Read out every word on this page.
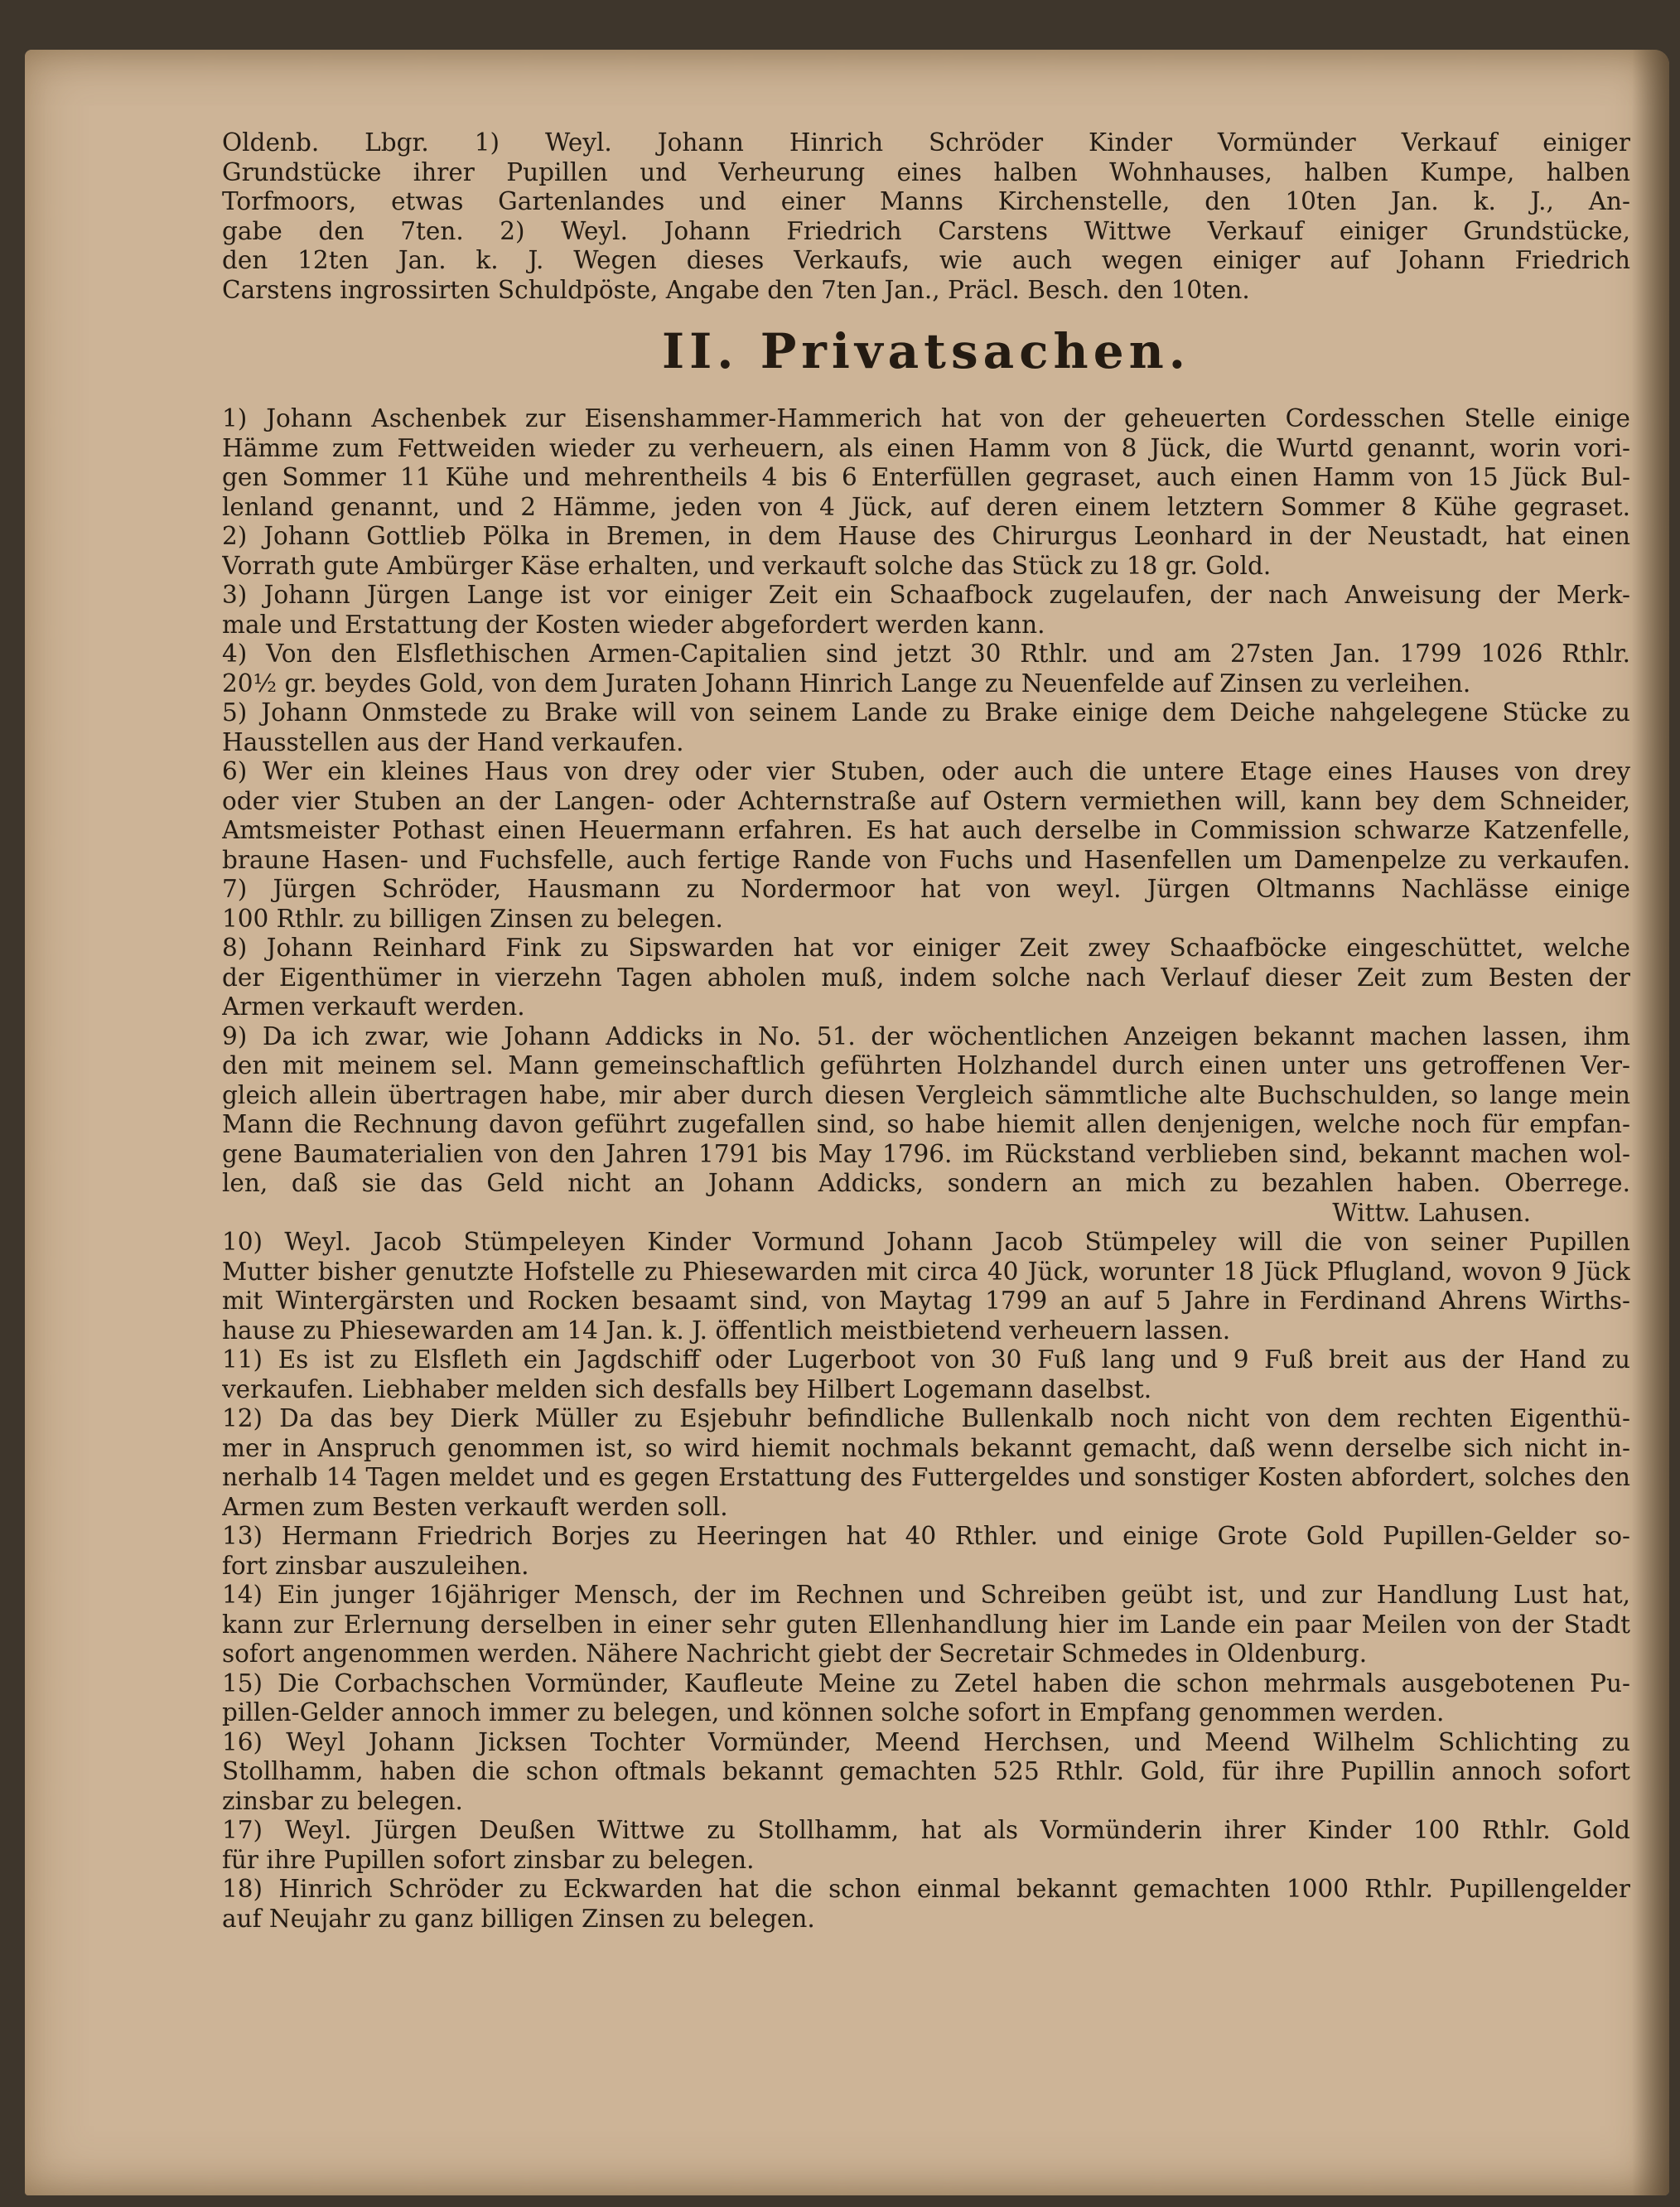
Oldenb. Lbgr. 1) Weyl. Johann Hinrich Schröder Kinder Vormünder Verkauf einiger
Grundstücke ihrer Pupillen und Verheurung eines halben Wohnhauses, halben Kumpe, halben
Torfmoors, etwas Gartenlandes und einer Manns Kirchenstelle, den 10ten Jan. k. J., An-
gabe den 7ten. 2) Weyl. Johann Friedrich Carstens Wittwe Verkauf einiger Grundstücke,
den 12ten Jan. k. J. Wegen dieses Verkaufs, wie auch wegen einiger auf Johann Friedrich
Carstens ingrossirten Schuldpöste, Angabe den 7ten Jan., Präcl. Besch. den 10ten.
II. Privatsachen.
1) Johann Aschenbek zur Eisenshammer-Hammerich hat von der geheuerten Cordesschen Stelle einige
Hämme zum Fettweiden wieder zu verheuern, als einen Hamm von 8 Jück, die Wurtd genannt, worin vori-
gen Sommer 11 Kühe und mehrentheils 4 bis 6 Enterfüllen gegraset, auch einen Hamm von 15 Jück Bul-
lenland genannt, und 2 Hämme, jeden von 4 Jück, auf deren einem letztern Sommer 8 Kühe gegraset.
2) Johann Gottlieb Pölka in Bremen, in dem Hause des Chirurgus Leonhard in der Neustadt, hat einen
Vorrath gute Ambürger Käse erhalten, und verkauft solche das Stück zu 18 gr. Gold.
3) Johann Jürgen Lange ist vor einiger Zeit ein Schaafbock zugelaufen, der nach Anweisung der Merk-
male und Erstattung der Kosten wieder abgefordert werden kann.
4) Von den Elsflethischen Armen-Capitalien sind jetzt 30 Rthlr. und am 27sten Jan. 1799 1026 Rthlr.
20½ gr. beydes Gold, von dem Juraten Johann Hinrich Lange zu Neuenfelde auf Zinsen zu verleihen.
5) Johann Onmstede zu Brake will von seinem Lande zu Brake einige dem Deiche nahgelegene Stücke zu
Hausstellen aus der Hand verkaufen.
6) Wer ein kleines Haus von drey oder vier Stuben, oder auch die untere Etage eines Hauses von drey
oder vier Stuben an der Langen- oder Achternstraße auf Ostern vermiethen will, kann bey dem Schneider,
Amtsmeister Pothast einen Heuermann erfahren. Es hat auch derselbe in Commission schwarze Katzenfelle,
braune Hasen- und Fuchsfelle, auch fertige Rande von Fuchs und Hasenfellen um Damenpelze zu verkaufen.
7) Jürgen Schröder, Hausmann zu Nordermoor hat von weyl. Jürgen Oltmanns Nachlässe einige
100 Rthlr. zu billigen Zinsen zu belegen.
8) Johann Reinhard Fink zu Sipswarden hat vor einiger Zeit zwey Schaafböcke eingeschüttet, welche
der Eigenthümer in vierzehn Tagen abholen muß, indem solche nach Verlauf dieser Zeit zum Besten der
Armen verkauft werden.
9) Da ich zwar, wie Johann Addicks in No. 51. der wöchentlichen Anzeigen bekannt machen lassen, ihm
den mit meinem sel. Mann gemeinschaftlich geführten Holzhandel durch einen unter uns getroffenen Ver-
gleich allein übertragen habe, mir aber durch diesen Vergleich sämmtliche alte Buchschulden, so lange mein
Mann die Rechnung davon geführt zugefallen sind, so habe hiemit allen denjenigen, welche noch für empfan-
gene Baumaterialien von den Jahren 1791 bis May 1796. im Rückstand verblieben sind, bekannt machen wol-
len, daß sie das Geld nicht an Johann Addicks, sondern an mich zu bezahlen haben. Oberrege.
Wittw. Lahusen.
10) Weyl. Jacob Stümpeleyen Kinder Vormund Johann Jacob Stümpeley will die von seiner Pupillen
Mutter bisher genutzte Hofstelle zu Phiesewarden mit circa 40 Jück, worunter 18 Jück Pflugland, wovon 9 Jück
mit Wintergärsten und Rocken besaamt sind, von Maytag 1799 an auf 5 Jahre in Ferdinand Ahrens Wirths-
hause zu Phiesewarden am 14 Jan. k. J. öffentlich meistbietend verheuern lassen.
11) Es ist zu Elsfleth ein Jagdschiff oder Lugerboot von 30 Fuß lang und 9 Fuß breit aus der Hand zu
verkaufen. Liebhaber melden sich desfalls bey Hilbert Logemann daselbst.
12) Da das bey Dierk Müller zu Esjebuhr befindliche Bullenkalb noch nicht von dem rechten Eigenthü-
mer in Anspruch genommen ist, so wird hiemit nochmals bekannt gemacht, daß wenn derselbe sich nicht in-
nerhalb 14 Tagen meldet und es gegen Erstattung des Futtergeldes und sonstiger Kosten abfordert, solches den
Armen zum Besten verkauft werden soll.
13) Hermann Friedrich Borjes zu Heeringen hat 40 Rthler. und einige Grote Gold Pupillen-Gelder so-
fort zinsbar auszuleihen.
14) Ein junger 16jähriger Mensch, der im Rechnen und Schreiben geübt ist, und zur Handlung Lust hat,
kann zur Erlernung derselben in einer sehr guten Ellenhandlung hier im Lande ein paar Meilen von der Stadt
sofort angenommen werden. Nähere Nachricht giebt der Secretair Schmedes in Oldenburg.
15) Die Corbachschen Vormünder, Kaufleute Meine zu Zetel haben die schon mehrmals ausgebotenen Pu-
pillen-Gelder annoch immer zu belegen, und können solche sofort in Empfang genommen werden.
16) Weyl Johann Jicksen Tochter Vormünder, Meend Herchsen, und Meend Wilhelm Schlichting zu
Stollhamm, haben die schon oftmals bekannt gemachten 525 Rthlr. Gold, für ihre Pupillin annoch sofort
zinsbar zu belegen.
17) Weyl. Jürgen Deußen Wittwe zu Stollhamm, hat als Vormünderin ihrer Kinder 100 Rthlr. Gold
für ihre Pupillen sofort zinsbar zu belegen.
18) Hinrich Schröder zu Eckwarden hat die schon einmal bekannt gemachten 1000 Rthlr. Pupillengelder
auf Neujahr zu ganz billigen Zinsen zu belegen.
